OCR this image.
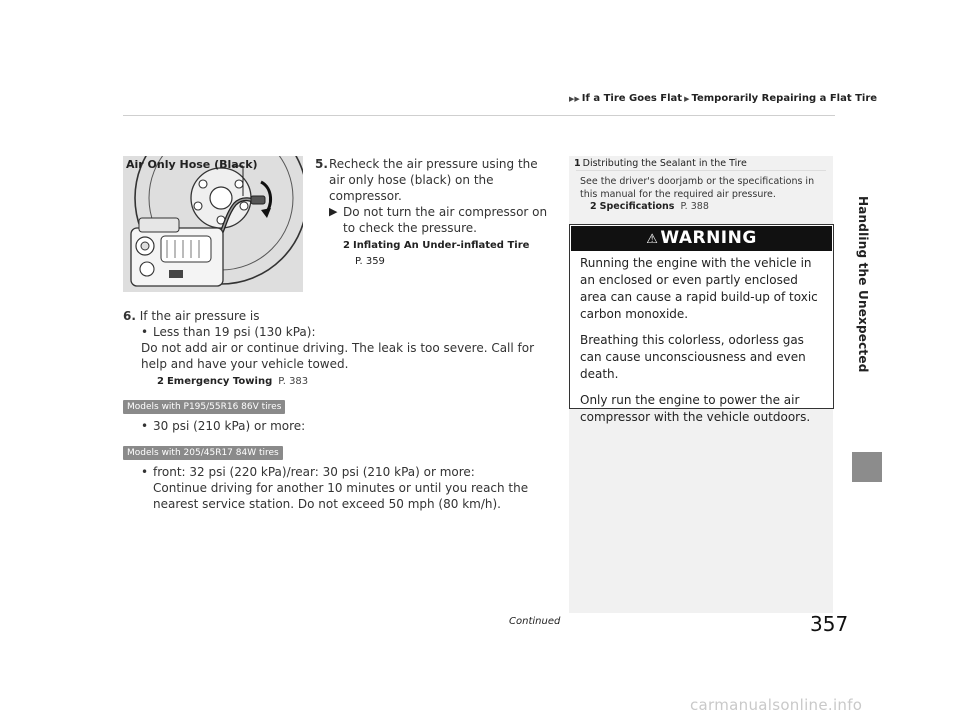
▶▶ If a Tire Goes Flat ▶ Temporarily Repairing a Flat Tire
Handling the Unexpected
Air Only Hose (Black)	5. Recheck the air pressure using the air only hose (black) on the compressor.
▶ Do not turn the air compressor on to check the pressure.
2 Inflating An Under-inflated Tire
P. 359
6. If the air pressure is
• Less than 19 psi (130 kPa):
Do not add air or continue driving. The leak is too severe. Call for help and have your vehicle towed.
2 Emergency Towing P. 383
Models with P195/55R16 86V tires
• 30 psi (210 kPa) or more:
Models with 205/45R17 84W tires
• front: 32 psi (220 kPa)/rear: 30 psi (210 kPa) or more:
Continue driving for another 10 minutes or until you reach the nearest service station. Do not exceed 50 mph (80 km/h).
1 Distributing the Sealant in the Tire
See the driver's doorjamb or the specifications in this manual for the required air pressure.
2 Specifications P. 388
⚠ WARNING

Running the engine with the vehicle in an enclosed or even partly enclosed area can cause a rapid build-up of toxic carbon monoxide.

Breathing this colorless, odorless gas can cause unconsciousness and even death.

Only run the engine to power the air compressor with the vehicle outdoors.

Continued	357
carmanualsonline.info
